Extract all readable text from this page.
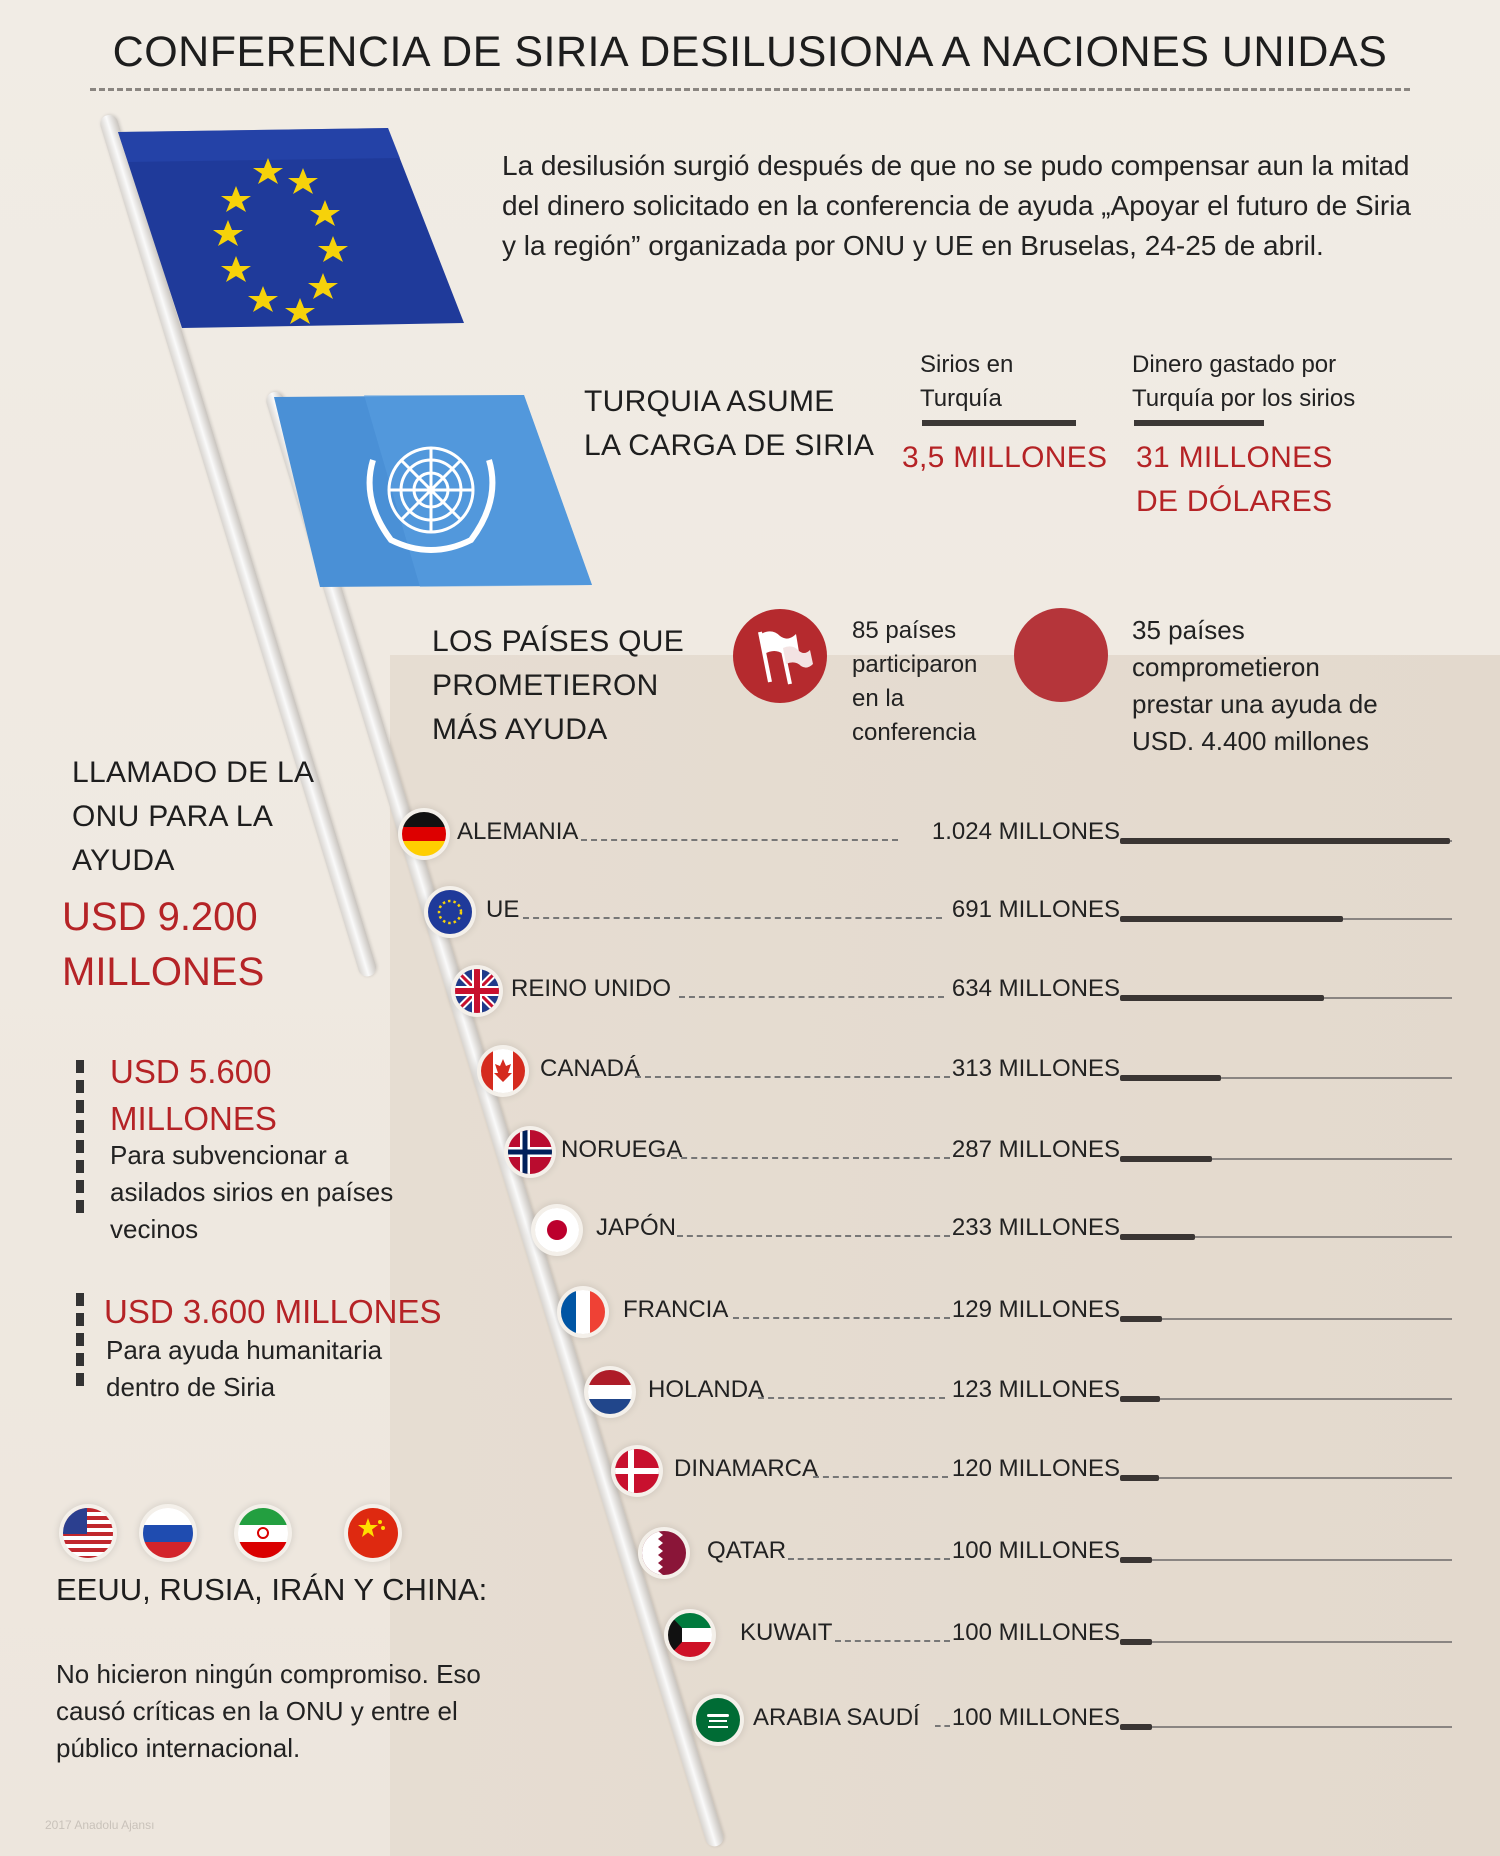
CONFERENCIA DE SIRIA DESILUSIONA A NACIONES UNIDAS
La desilusión surgió después de que no se pudo compensar aun la mitad del dinero solicitado en la conferencia de ayuda „Apoyar el futuro de Siria y la región” organizada por ONU y UE en Bruselas, 24-25 de abril.
TURQUIA ASUME
LA CARGA DE SIRIA
Sirios en
Turquía
3,5 MILLONES
Dinero gastado por
Turquía por los sirios
31 MILLONES
DE DÓLARES
LOS PAÍSES QUE
PROMETIERON
MÁS AYUDA
85 países
participaron
en la
conferencia
35 países
comprometieron
prestar una ayuda de
USD. 4.400 millones
LLAMADO DE LA
ONU PARA LA
AYUDA
USD 9.200
MILLONES
USD 5.600
MILLONES
Para subvencionar a
asilados sirios en países
vecinos
USD 3.600 MILLONES
Para ayuda humanitaria
dentro de Siria
EEUU, RUSIA, IRÁN Y CHINA:
No hicieron ningún compromiso. Eso
causó críticas en la ONU y entre el
público internacional.
2017 Anadolu Ajansı
ALEMANIA	1.024 MILLONES
UE	691 MILLONES
REINO UNIDO	634 MILLONES
CANADÁ	313 MILLONES
NORUEGA	287 MILLONES
JAPÓN	233 MILLONES
FRANCIA	129 MILLONES
HOLANDA	123 MILLONES
DINAMARCA	120 MILLONES
QATAR	100 MILLONES
KUWAIT	100 MILLONES
ARABIA SAUDÍ 100 MILLONES
